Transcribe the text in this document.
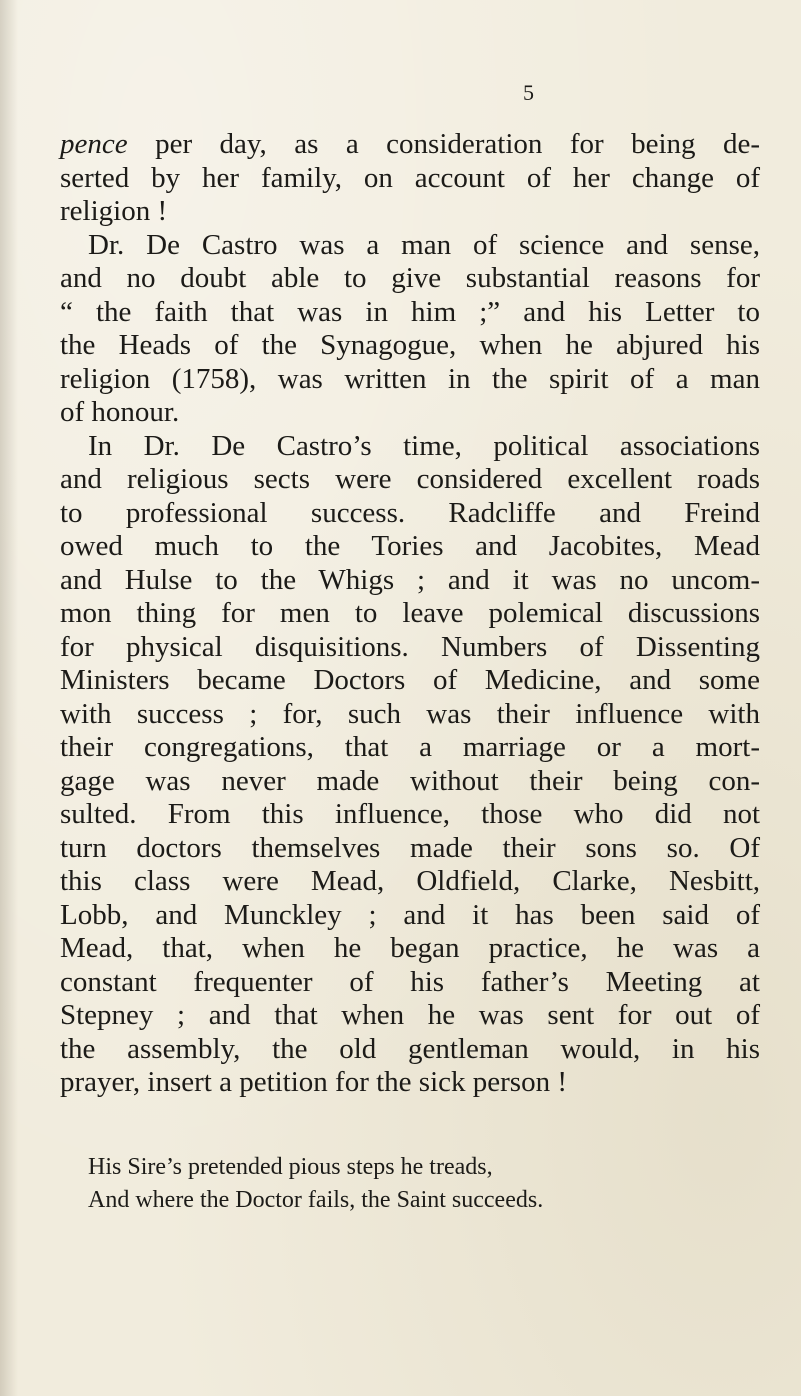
5
pence per day, as a consideration for being de-
serted by her family, on account of her change of
religion !
Dr. De Castro was a man of science and sense,
and no doubt able to give substantial reasons for
“ the faith that was in him ;” and his Letter to
the Heads of the Synagogue, when he abjured his
religion (1758), was written in the spirit of a man
of honour.
In Dr. De Castro’s time, political associations
and religious sects were considered excellent roads
to professional success. Radcliffe and Freind
owed much to the Tories and Jacobites, Mead
and Hulse to the Whigs ; and it was no uncom-
mon thing for men to leave polemical discussions
for physical disquisitions. Numbers of Dissenting
Ministers became Doctors of Medicine, and some
with success ; for, such was their influence with
their congregations, that a marriage or a mort-
gage was never made without their being con-
sulted. From this influence, those who did not
turn doctors themselves made their sons so. Of
this class were Mead, Oldfield, Clarke, Nesbitt,
Lobb, and Munckley ; and it has been said of
Mead, that, when he began practice, he was a
constant frequenter of his father’s Meeting at
Stepney ; and that when he was sent for out of
the assembly, the old gentleman would, in his
prayer, insert a petition for the sick person !
His Sire’s pretended pious steps he treads,
And where the Doctor fails, the Saint succeeds.
